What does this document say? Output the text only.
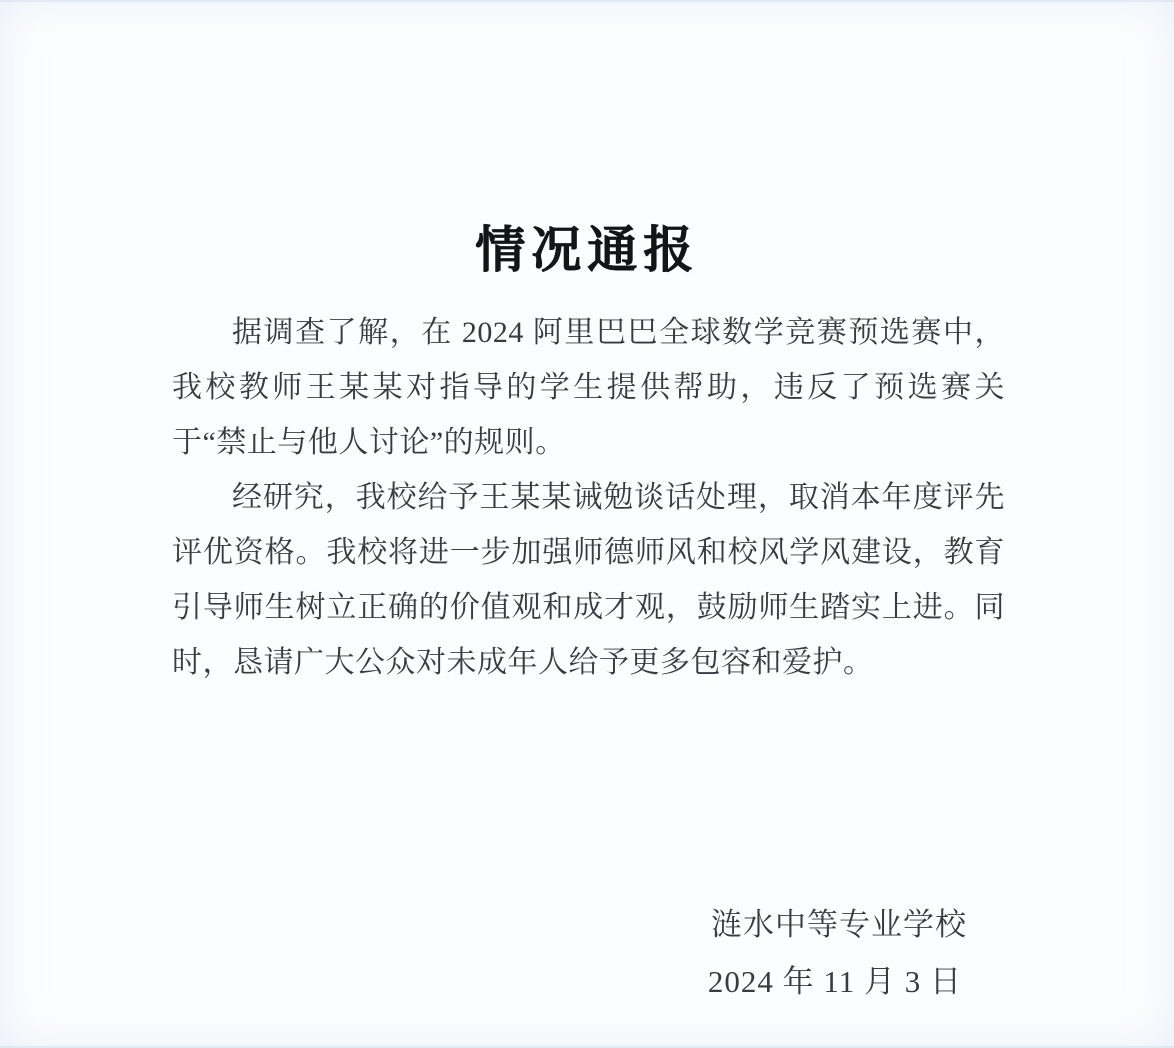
情况通报

据调查了解，在 2024 阿里巴巴全球数学竞赛预选赛中，我校教师王某某对指导的学生提供帮助，违反了预选赛关于“禁止与他人讨论”的规则。

经研究，我校给予王某某诫勉谈话处理，取消本年度评先评优资格。我校将进一步加强师德师风和校风学风建设，教育引导师生树立正确的价值观和成才观，鼓励师生踏实上进。同时，恳请广大公众对未成年人给予更多包容和爱护。

涟水中等专业学校
2024 年 11 月 3 日
